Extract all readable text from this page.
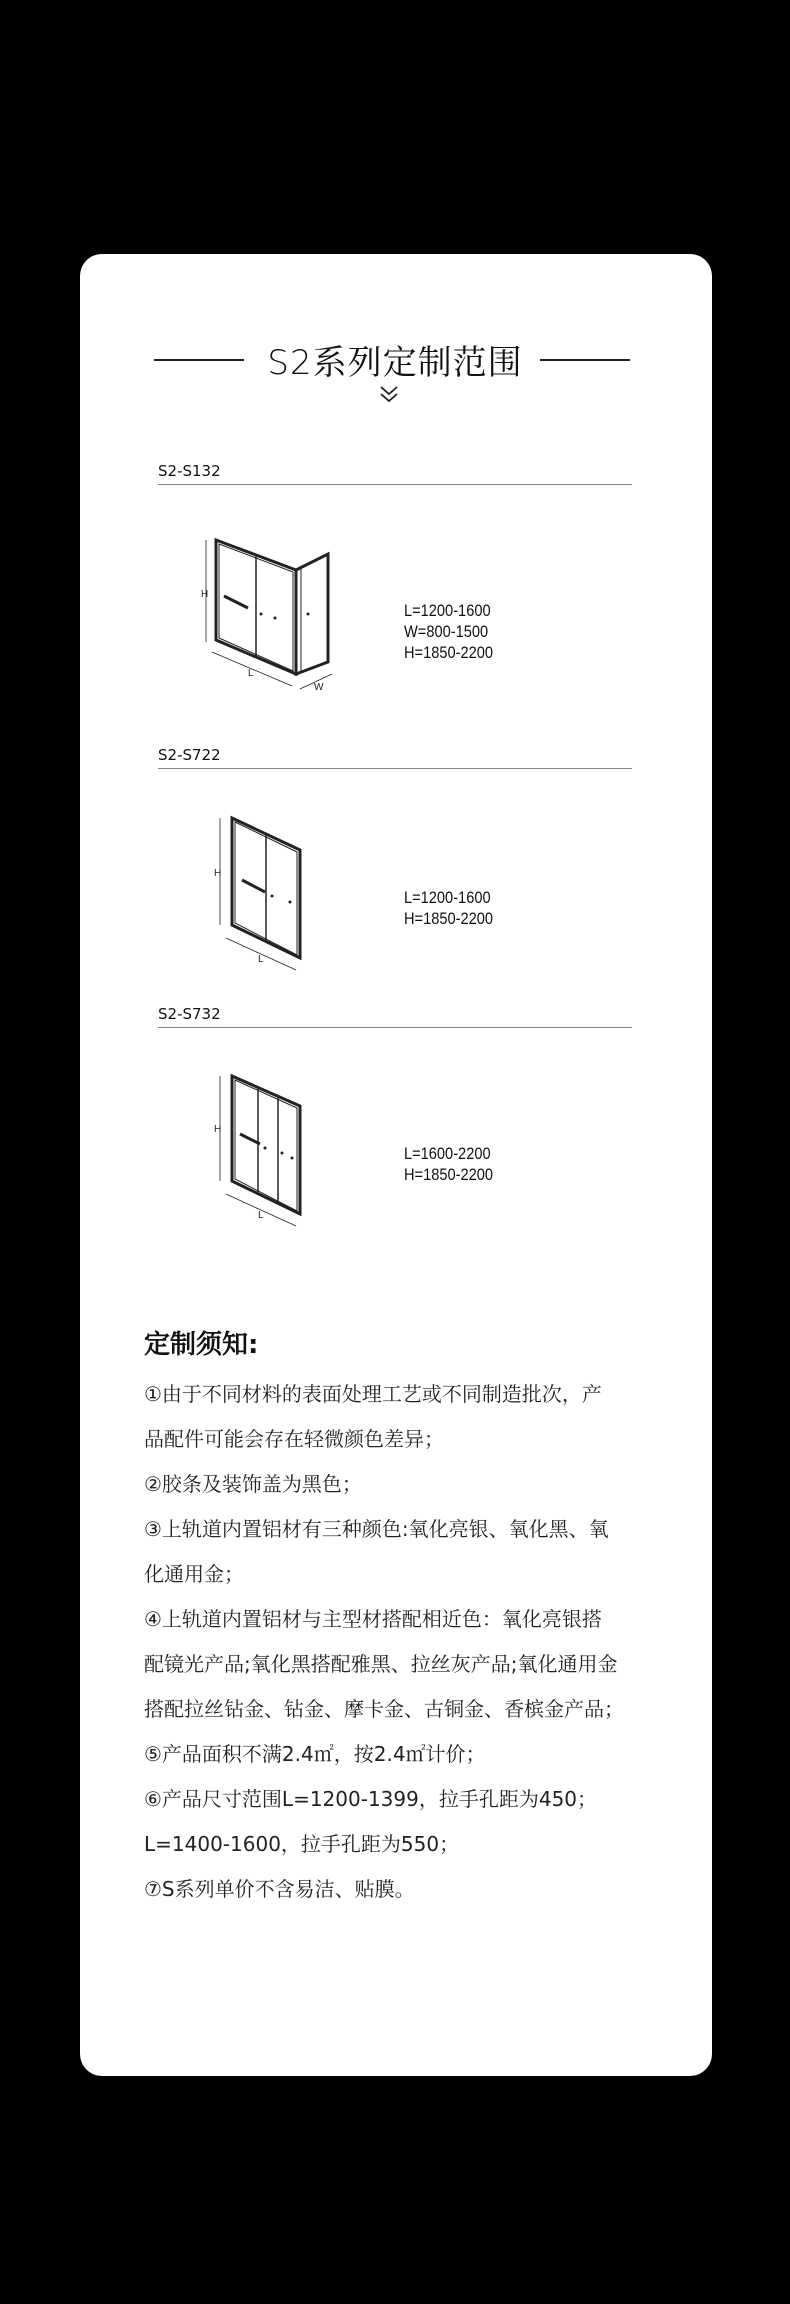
S2系列定制范围
S2-S132
H
L
W
L=1200-1600
W=800-1500
H=1850-2200
S2-S722
H
L
L=1200-1600
H=1850-2200
S2-S732
H
L
L=1600-2200
H=1850-2200
定制须知:
①由于不同材料的表面处理工艺或不同制造批次，产
品配件可能会存在轻微颜色差异；
②胶条及装饰盖为黑色；
③上轨道内置铝材有三种颜色:氧化亮银、氧化黑、氧
化通用金；
④上轨道内置铝材与主型材搭配相近色：氧化亮银搭
配镜光产品;氧化黑搭配雅黑、拉丝灰产品;氧化通用金
搭配拉丝钻金、钻金、摩卡金、古铜金、香槟金产品；
⑤产品面积不满2.4㎡，按2.4㎡计价；
⑥产品尺寸范围L=1200-1399，拉手孔距为450；
L=1400-1600，拉手孔距为550；
⑦S系列单价不含易洁、贴膜。
